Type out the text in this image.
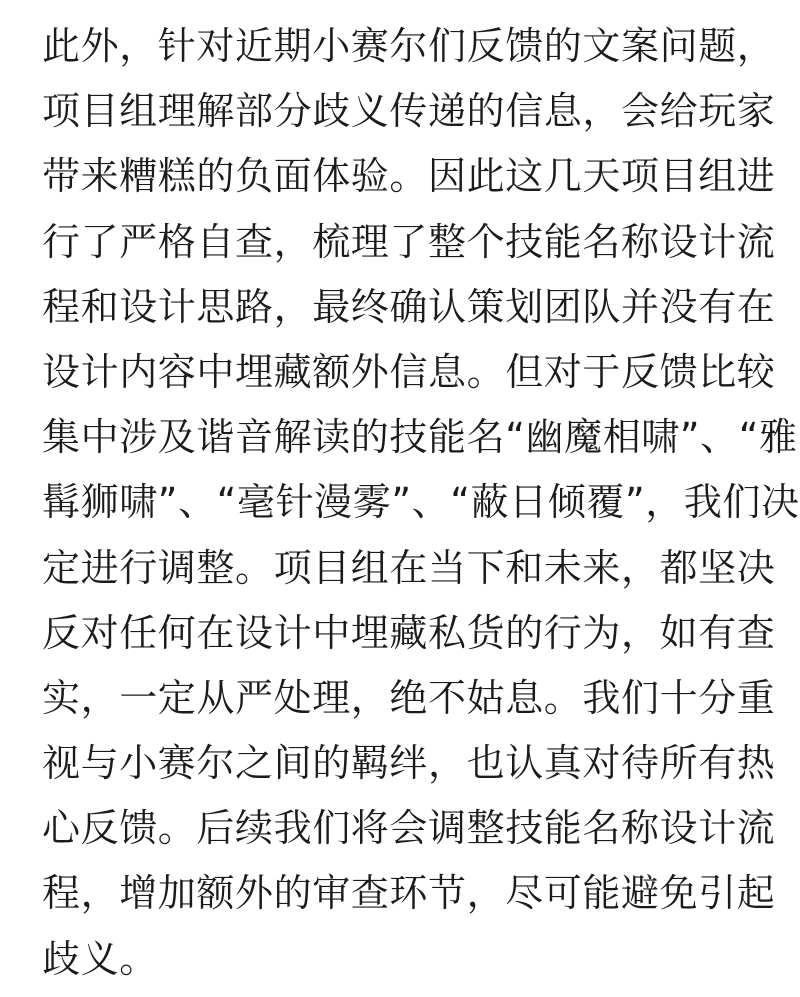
此外，针对近期小赛尔们反馈的文案问题，
项目组理解部分歧义传递的信息，会给玩家
带来糟糕的负面体验。因此这几天项目组进
行了严格自查，梳理了整个技能名称设计流
程和设计思路，最终确认策划团队并没有在
设计内容中埋藏额外信息。但对于反馈比较
集中涉及谐音解读的技能名“幽魔相啸”、“雅
髯狮啸”、“毫针漫雾”、“蔽日倾覆”，我们决
定进行调整。项目组在当下和未来，都坚决
反对任何在设计中埋藏私货的行为，如有查
实，一定从严处理，绝不姑息。我们十分重
视与小赛尔之间的羁绊，也认真对待所有热
心反馈。后续我们将会调整技能名称设计流
程，增加额外的审查环节，尽可能避免引起
歧义。
